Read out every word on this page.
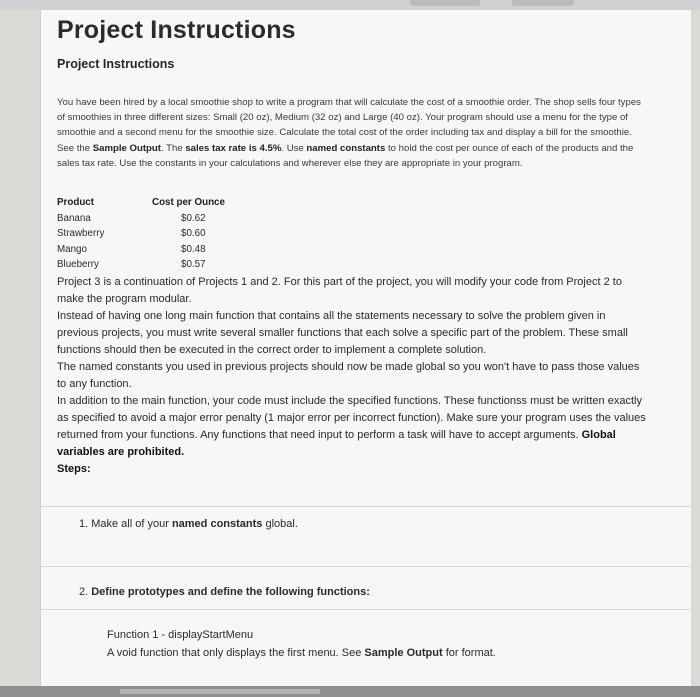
Project Instructions
Project Instructions
You have been hired by a local smoothie shop to write a program that will calculate the cost of a smoothie order. The shop sells four types of smoothies in three different sizes: Small (20 oz), Medium (32 oz) and Large (40 oz). Your program should use a menu for the type of smoothie and a second menu for the smoothie size. Calculate the total cost of the order including tax and display a bill for the smoothie. See the Sample Output. The sales tax rate is 4.5%. Use named constants to hold the cost per ounce of each of the products and the sales tax rate. Use the constants in your calculations and wherever else they are appropriate in your program.
Product	Cost per Ounce
Banana	$0.62
Strawberry	$0.60
Mango	$0.48
Blueberry	$0.57

Project 3 is a continuation of Projects 1 and 2. For this part of the project, you will modify your code from Project 2 to make the program modular.

Instead of having one long main function that contains all the statements necessary to solve the problem given in previous projects, you must write several smaller functions that each solve a specific part of the problem. These small functions should then be executed in the correct order to implement a complete solution.

The named constants you used in previous projects should now be made global so you won't have to pass those values to any function.

In addition to the main function, your code must include the specified functions. These functionss must be written exactly as specified to avoid a major error penalty (1 major error per incorrect function). Make sure your program uses the values returned from your functions. Any functions that need input to perform a task will have to accept arguments. Global variables are prohibited.

Steps:

1. Make all of your named constants global.
2. Define prototypes and define the following functions:
Function 1 - displayStartMenu
A void function that only displays the first menu. See Sample Output for format.
